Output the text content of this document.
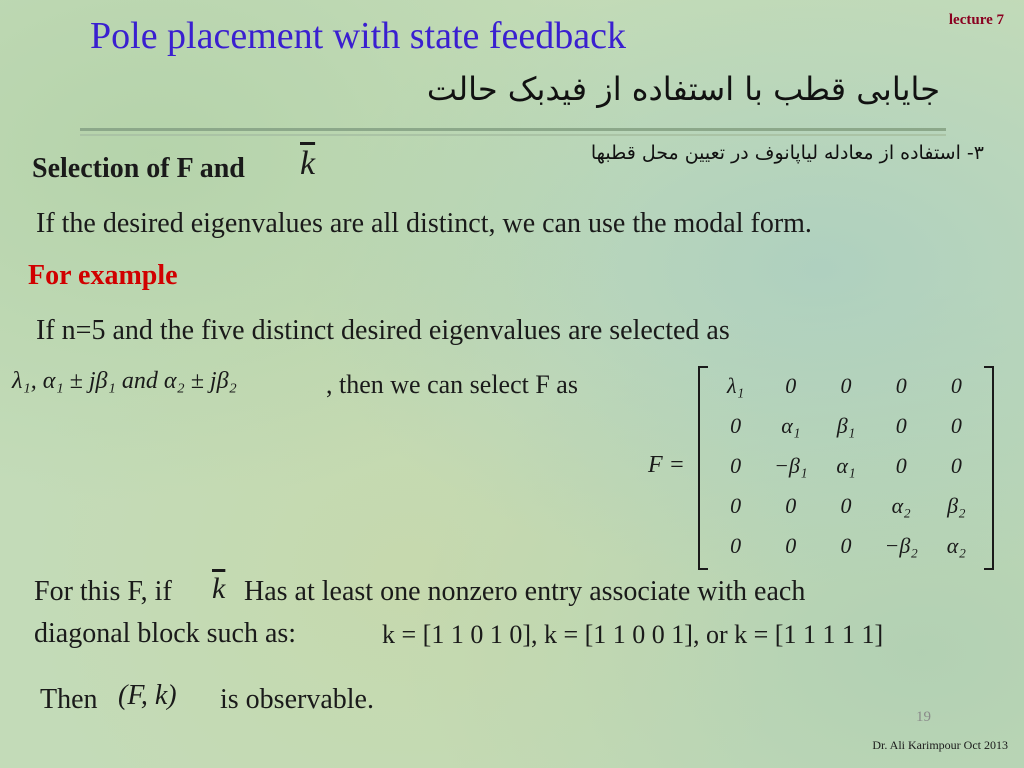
Pole placement with state feedback	lecture 7
جایابی قطب با استفاده از فیدبک حالت
۳- استفاده از معادله لیاپانوف در تعیین محل قطبها
Selection of F and $\overline{k}$
If the desired eigenvalues are all distinct, we can use the modal form.
For example
If n=5 and the five distinct desired eigenvalues are selected as
λ₁, α₁ ± jβ₁ and α₂ ± jβ₂	, then we can select F as
F =
λ₁	0	0	0	0
0	α₁	β₁	0	0
0	−β₁	α₁	0	0
0	0	0	α₂	β₂
0	0	0	−β₂	α₂
For this F, if $\overline{k}$ Has at least one nonzero entry associate with each
diagonal block such as:	k = [1 1 0 1 0], k = [1 1 0 0 1], or k = [1 1 1 1 1]
Then (F, k) is observable.
19
Dr. Ali Karimpour Oct 2013
